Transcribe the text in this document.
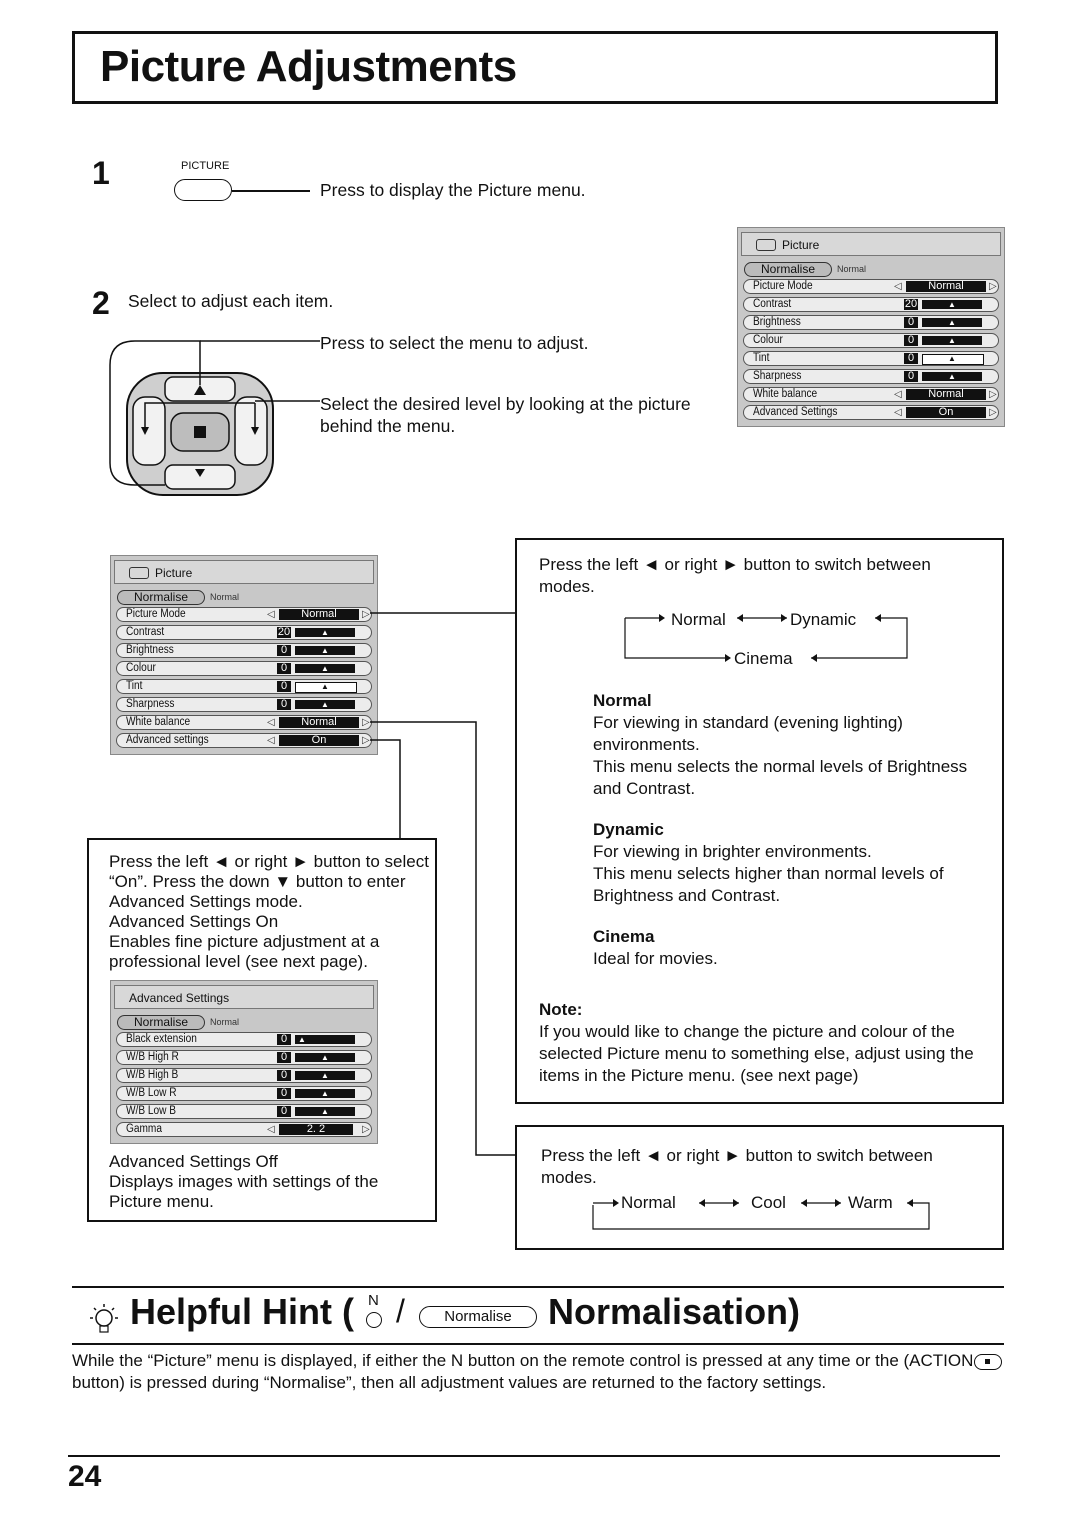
Picture Adjustments
1	PICTURE
Press to display the Picture menu.
2 Select to adjust each item.
Press to select the menu to adjust.
Select the desired level by looking at the picture behind the menu.
Picture
Normalise	Normal
Picture Mode	◁	Normal	▷
Contrast	20	▲
Brightness	0	▲
Colour	0	▲
Tint	0	▲
Sharpness	0	▲
White balance	◁	Normal	▷
Advanced Settings	◁	On	▷
Picture
Normalise	Normal
Picture Mode	◁	Normal	▷
Contrast	20	▲
Brightness	0	▲
Colour	0	▲
Tint	0	▲
Sharpness	0	▲
White balance	◁	Normal	▷
Advanced settings	◁	On	▷
Press the left ◄ or right ► button to select “On”. Press the down ▼ button to enter Advanced Settings mode.
Advanced Settings On
Enables fine picture adjustment at a professional level (see next page).
Advanced Settings
Normalise	Normal
Black extension	0	▲
W/B High R	0	▲
W/B High B	0	▲
W/B Low R	0	▲
W/B Low B	0	▲
Gamma	◁	2. 2	▷
Advanced Settings Off
Displays images with settings of the Picture menu.
Press the left ◄ or right ► button to switch between modes.
Normal	Dynamic
Cinema
Normal
For viewing in standard (evening lighting) environments.
This menu selects the normal levels of Brightness and Contrast.
Dynamic
For viewing in brighter environments.
This menu selects higher than normal levels of Brightness and Contrast.
Cinema
Ideal for movies.
Note:
If you would like to change the picture and colour of the selected Picture menu to something else, adjust using the items in the Picture menu. (see next page)
Press the left ◄ or right ► button to switch between modes.
Normal	Cool	Warm
Helpful Hint ( N /	Normalise	Normalisation)
While the “Picture” menu is displayed, if either the N button on the remote control is pressed at any time or the (ACTION button) is pressed during “Normalise”, then all adjustment values are returned to the factory settings.
24
